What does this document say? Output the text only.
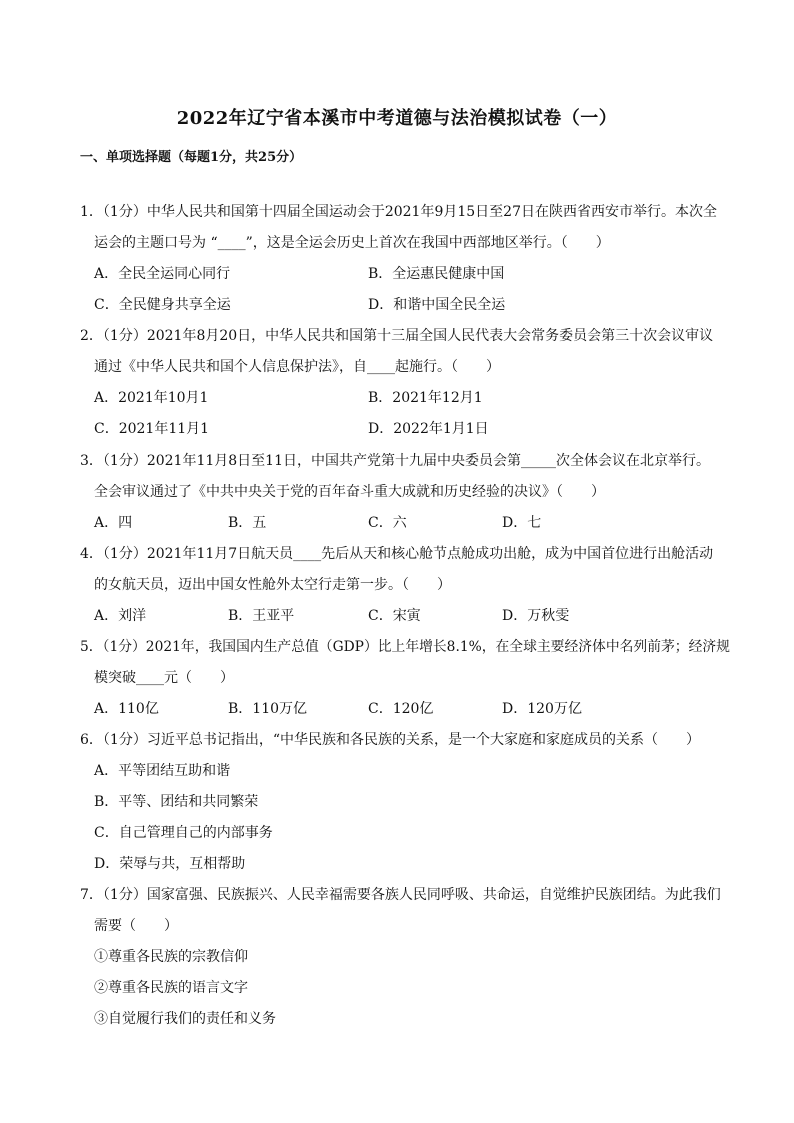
2022年辽宁省本溪市中考道德与法治模拟试卷（一）
一、单项选择题（每题1分，共25分）
1．（1分）中华人民共和国第十四届全国运动会于2021年9月15日至27日在陕西省西安市举行。本次全
运会的主题口号为 “____”，这是全运会历史上首次在我国中西部地区举行。（　　）
A．全民全运同心同行	B．全运惠民健康中国
C．全民健身共享全运	D．和谐中国全民全运
2．（1分）2021年8月20日，中华人民共和国第十三届全国人民代表大会常务委员会第三十次会议审议
通过《中华人民共和国个人信息保护法》，自____起施行。（　　）
A．2021年10月1	B．2021年12月1
C．2021年11月1	D．2022年1月1日
3．（1分）2021年11月8日至11日，中国共产党第十九届中央委员会第_____次全体会议在北京举行。
全会审议通过了《中共中央关于党的百年奋斗重大成就和历史经验的决议》（　　）
A．四	B．五	C．六	D．七
4．（1分）2021年11月7日航天员____先后从天和核心舱节点舱成功出舱，成为中国首位进行出舱活动
的女航天员，迈出中国女性舱外太空行走第一步。（　　）
A．刘洋	B．王亚平	C．宋寅	D．万秋雯
5．（1分）2021年，我国国内生产总值（GDP）比上年增长8.1%，在全球主要经济体中名列前茅；经济规
模突破____元（　　）
A．110亿	B．110万亿	C．120亿	D．120万亿
6．（1分）习近平总书记指出，“中华民族和各民族的关系，是一个大家庭和家庭成员的关系（　　）
A．平等团结互助和谐
B．平等、团结和共同繁荣
C．自己管理自己的内部事务
D．荣辱与共，互相帮助
7．（1分）国家富强、民族振兴、人民幸福需要各族人民同呼吸、共命运，自觉维护民族团结。为此我们
需要（　　）
①尊重各民族的宗教信仰
②尊重各民族的语言文字
③自觉履行我们的责任和义务
